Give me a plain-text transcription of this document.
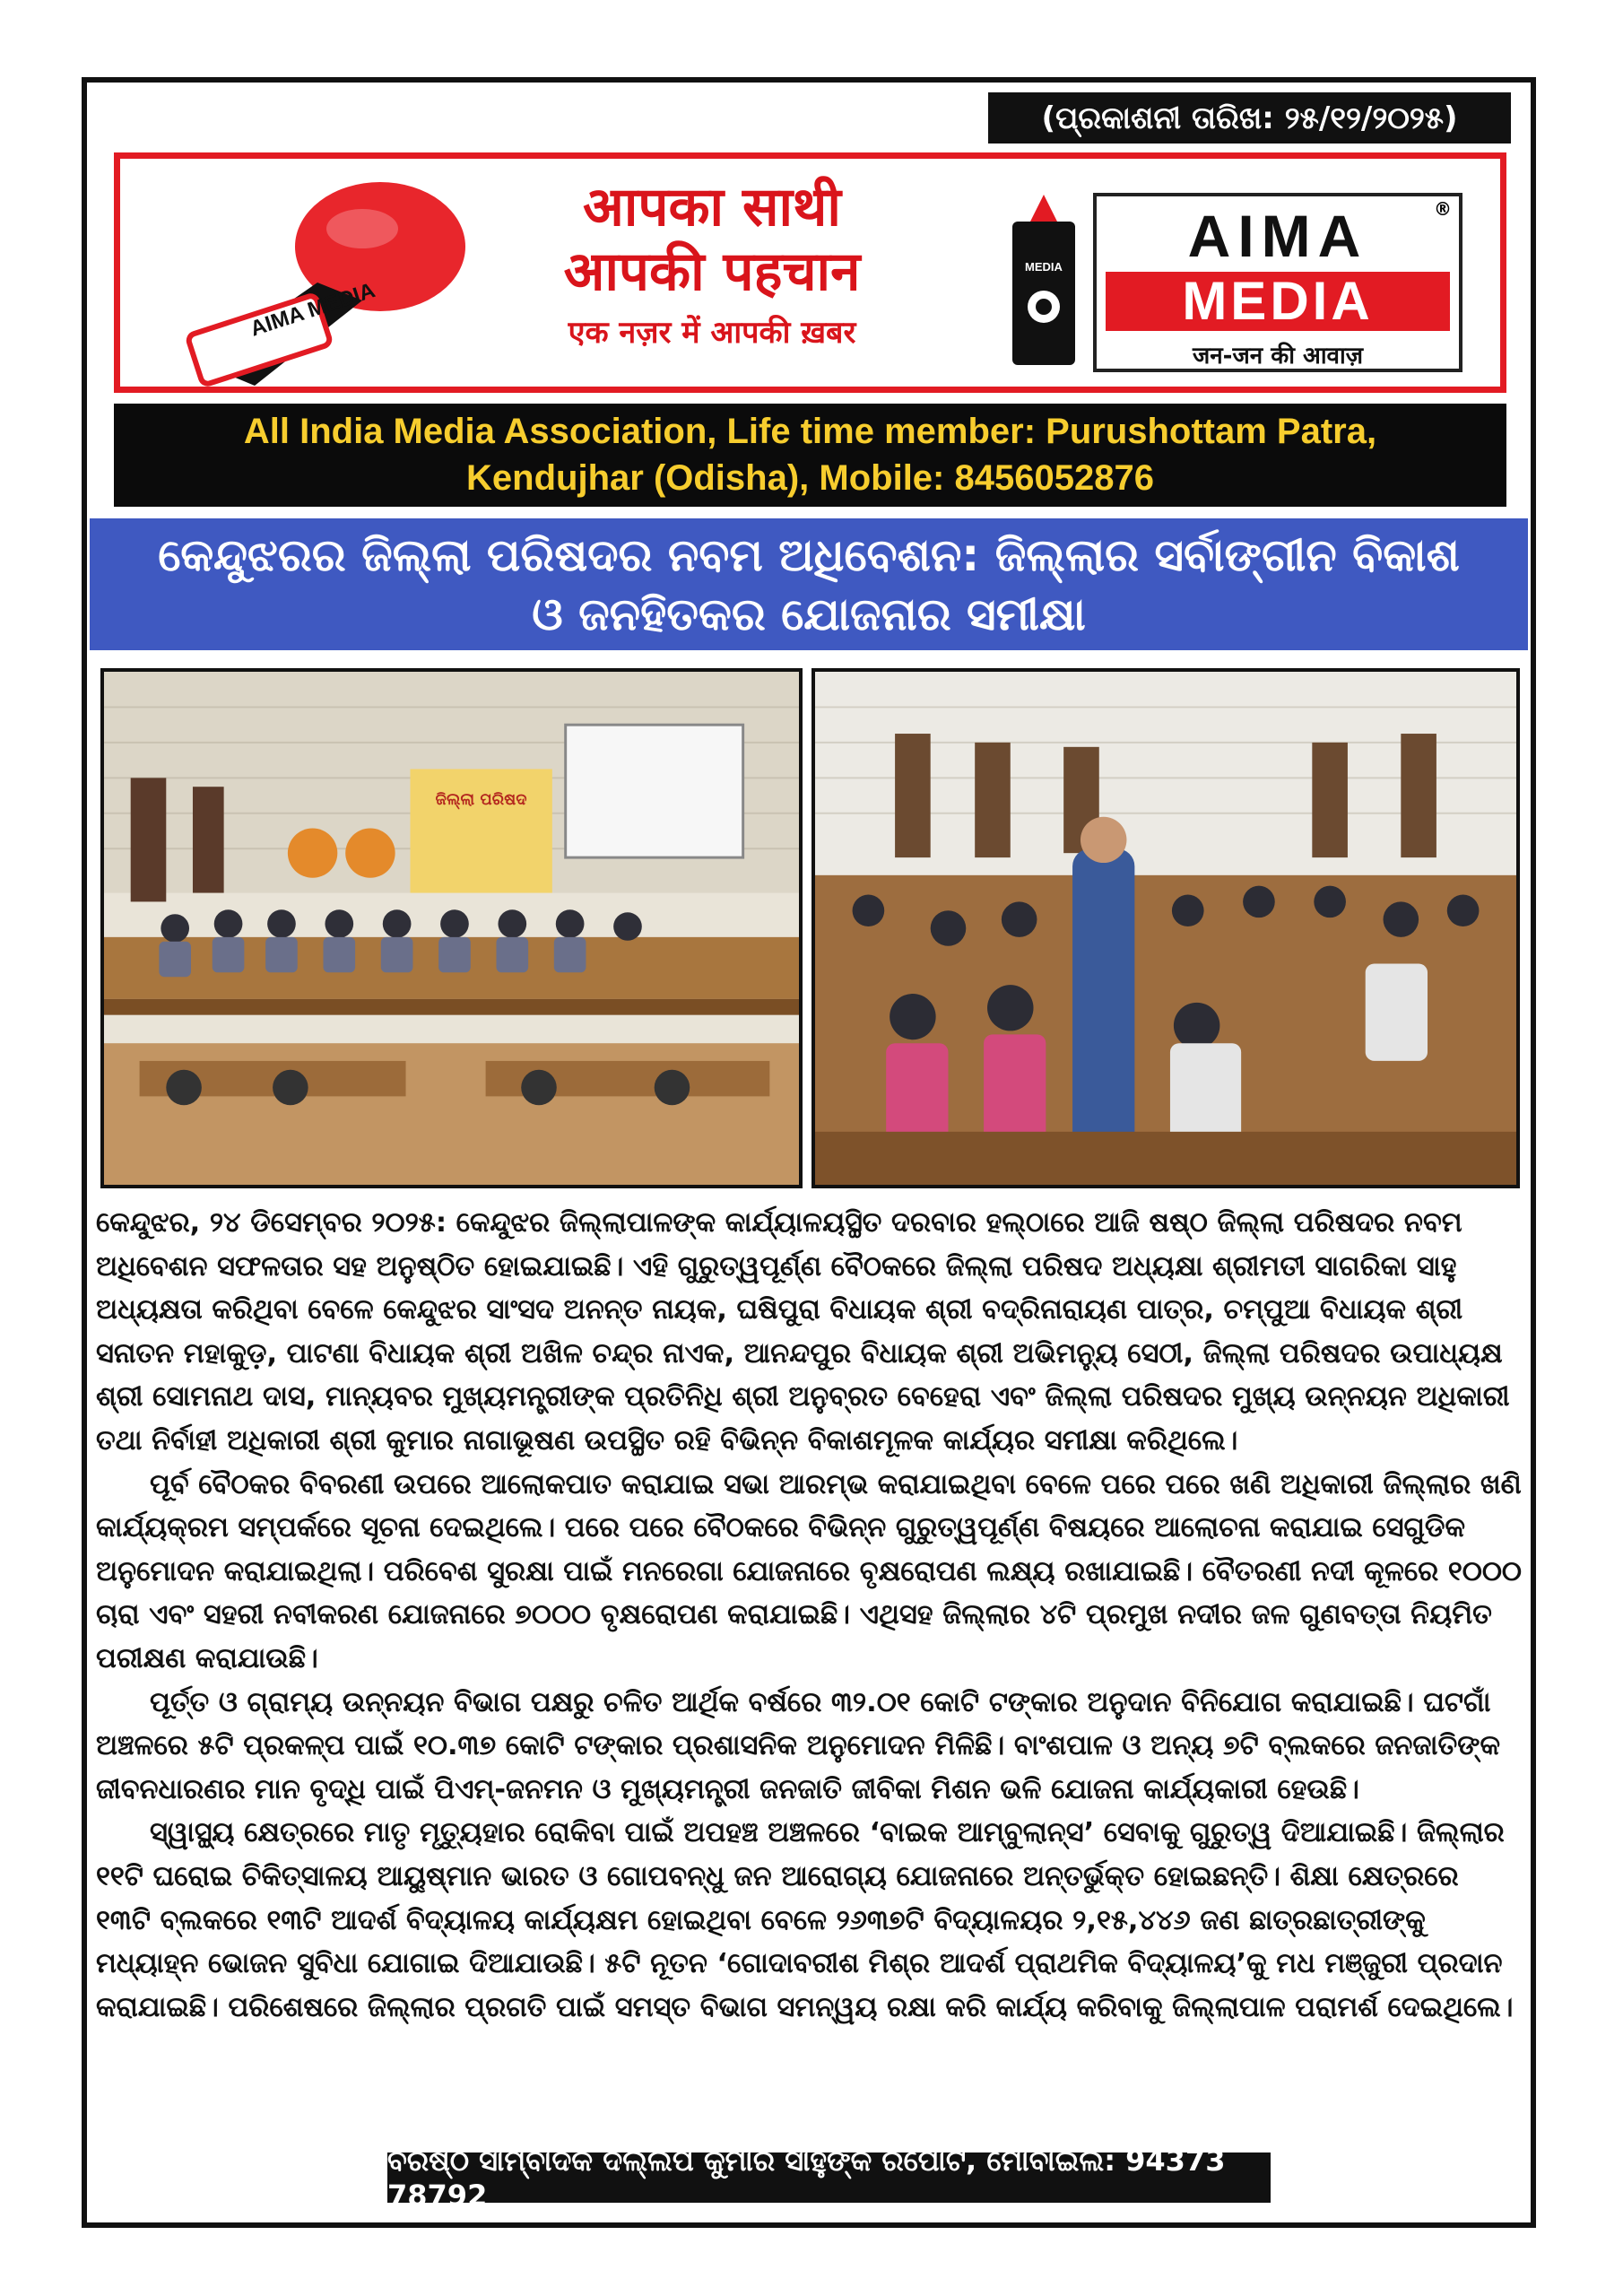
(ପ୍ରକାଶନୀ ତାରିଖ: ୨୫/୧୨/୨୦୨୫)
AIMA MEDIA
आपका साथी
आपकी पहचान
एक नज़र में आपकी ख़बर
MEDIA	AIMA	®
MEDIA
जन-जन की आवाज़
All India Media Association, Life time member: Purushottam Patra,
Kendujhar (Odisha), Mobile: 8456052876
କେନ୍ଦୁଝରର ଜିଲ୍ଲା ପରିଷଦର ନବମ ଅଧିବେଶନ: ଜିଲ୍ଲାର ସର୍ବାଙ୍ଗୀନ ବିକାଶ
ଓ ଜନହିତକର ଯୋଜନାର ସମୀକ୍ଷା
ଜିଲ୍ଲା ପରିଷଦ

କେନ୍ଦୁଝର, ୨୪ ଡିସେମ୍ବର ୨୦୨୫: କେନ୍ଦୁଝର ଜିଲ୍ଲାପାଳଙ୍କ କାର୍ଯ୍ୟାଳୟସ୍ଥିତ ଦରବାର ହଲ୍‌ଠାରେ ଆଜି ଷଷ୍ଠ ଜିଲ୍ଲା ପରିଷଦର ନବମ ଅଧିବେଶନ ସଫଳତାର ସହ ଅନୁଷ୍ଠିତ ହୋଇଯାଇଛି। ଏହି ଗୁରୁତ୍ୱପୂର୍ଣ୍ଣ ବୈଠକରେ ଜିଲ୍ଲା ପରିଷଦ ଅଧ୍ୟକ୍ଷା ଶ୍ରୀମତୀ ସାଗରିକା ସାହୁ ଅଧ୍ୟକ୍ଷତା କରିଥିବା ବେଳେ କେନ୍ଦୁଝର ସାଂସଦ ଅନନ୍ତ ନାୟକ, ଘଷିପୁରା ବିଧାୟକ ଶ୍ରୀ ବଦ୍ରିନାରାୟଣ ପାତ୍ର, ଚମ୍ପୁଆ ବିଧାୟକ ଶ୍ରୀ ସନାତନ ମହାକୁଡ଼, ପାଟଣା ବିଧାୟକ ଶ୍ରୀ ଅଖିଳ ଚନ୍ଦ୍ର ନାଏକ, ଆନନ୍ଦପୁର ବିଧାୟକ ଶ୍ରୀ ଅଭିମନ୍ୟୁ ସେଠୀ, ଜିଲ୍ଲା ପରିଷଦର ଉପାଧ୍ୟକ୍ଷ ଶ୍ରୀ ସୋମନାଥ ଦାସ, ମାନ୍ୟବର ମୁଖ୍ୟମନ୍ତ୍ରୀଙ୍କ ପ୍ରତିନିଧି ଶ୍ରୀ ଅନୁବ୍ରତ ବେହେରା ଏବଂ ଜିଲ୍ଲା ପରିଷଦର ମୁଖ୍ୟ ଉନ୍ନୟନ ଅଧିକାରୀ ତଥା ନିର୍ବାହୀ ଅଧିକାରୀ ଶ୍ରୀ କୁମାର ନାଗାଭୂଷଣ ଉପସ୍ଥିତ ରହି ବିଭିନ୍ନ ବିକାଶମୂଳକ କାର୍ଯ୍ୟର ସମୀକ୍ଷା କରିଥିଲେ।

ପୂର୍ବ ବୈଠକର ବିବରଣୀ ଉପରେ ଆଲୋକପାତ କରାଯାଇ ସଭା ଆରମ୍ଭ କରାଯାଇଥିବା ବେଳେ ପରେ ପରେ ଖଣି ଅଧିକାରୀ ଜିଲ୍ଲାର ଖଣି କାର୍ଯ୍ୟକ୍ରମ ସମ୍ପର୍କରେ ସୂଚନା ଦେଇଥିଲେ। ପରେ ପରେ ବୈଠକରେ ବିଭିନ୍ନ ଗୁରୁତ୍ୱପୂର୍ଣ୍ଣ ବିଷୟରେ ଆଲୋଚନା କରାଯାଇ ସେଗୁଡିକ ଅନୁମୋଦନ କରାଯାଇଥିଲା। ପରିବେଶ ସୁରକ୍ଷା ପାଇଁ ମନରେଗା ଯୋଜନାରେ ବୃକ୍ଷରୋପଣ ଲକ୍ଷ୍ୟ ରଖାଯାଇଛି। ବୈତରଣୀ ନଦୀ କୂଳରେ ୧୦୦୦ ଚାରା ଏବଂ ସହରୀ ନବୀକରଣ ଯୋଜନାରେ ୭୦୦୦ ବୃକ୍ଷରୋପଣ କରାଯାଇଛି। ଏଥିସହ ଜିଲ୍ଲାର ୪ଟି ପ୍ରମୁଖ ନଦୀର ଜଳ ଗୁଣବତ୍ତା ନିୟମିତ ପରୀକ୍ଷଣ କରାଯାଉଛି।

ପୂର୍ତ୍ତ ଓ ଗ୍ରାମ୍ୟ ଉନ୍ନୟନ ବିଭାଗ ପକ୍ଷରୁ ଚଳିତ ଆର୍ଥିକ ବର୍ଷରେ ୩୨.୦୧ କୋଟି ଟଙ୍କାର ଅନୁଦାନ ବିନିଯୋଗ କରାଯାଇଛି। ଘଟଗାଁ ଅଞ୍ଚଳରେ ୫ଟି ପ୍ରକଳ୍ପ ପାଇଁ ୧୦.୩୭ କୋଟି ଟଙ୍କାର ପ୍ରଶାସନିକ ଅନୁମୋଦନ ମିଳିଛି। ବାଂଶପାଳ ଓ ଅନ୍ୟ ୭ଟି ବ୍ଲକରେ ଜନଜାତିଙ୍କ ଜୀବନଧାରଣର ମାନ ବୃଦ୍ଧି ପାଇଁ ପିଏମ୍-ଜନମନ ଓ ମୁଖ୍ୟମନ୍ତ୍ରୀ ଜନଜାତି ଜୀବିକା ମିଶନ ଭଳି ଯୋଜନା କାର୍ଯ୍ୟକାରୀ ହେଉଛି।

ସ୍ୱାସ୍ଥ୍ୟ କ୍ଷେତ୍ରରେ ମାତୃ ମୃତ୍ୟୁହାର ରୋକିବା ପାଇଁ ଅପହଞ୍ଚ ଅଞ୍ଚଳରେ ‘ବାଇକ ଆମ୍ବୁଲାନ୍ସ’ ସେବାକୁ ଗୁରୁତ୍ୱ ଦିଆଯାଇଛି। ଜିଲ୍ଲାର ୧୧ଟି ଘରୋଇ ଚିକିତ୍ସାଳୟ ଆୟୁଷ୍ମାନ ଭାରତ ଓ ଗୋପବନ୍ଧୁ ଜନ ଆରୋଗ୍ୟ ଯୋଜନାରେ ଅନ୍ତର୍ଭୁକ୍ତ ହୋଇଛନ୍ତି। ଶିକ୍ଷା କ୍ଷେତ୍ରରେ ୧୩ଟି ବ୍ଲକରେ ୧୩ଟି ଆଦର୍ଶ ବିଦ୍ୟାଳୟ କାର୍ଯ୍ୟକ୍ଷମ ହୋଇଥିବା ବେଳେ ୨୬୩୭ଟି ବିଦ୍ୟାଳୟର ୨,୧୫,୪୪୬ ଜଣ ଛାତ୍ରଛାତ୍ରୀଙ୍କୁ ମଧ୍ୟାହ୍ନ ଭୋଜନ ସୁବିଧା ଯୋଗାଇ ଦିଆଯାଉଛି। ୫ଟି ନୂତନ ‘ଗୋଦାବରୀଶ ମିଶ୍ର ଆଦର୍ଶ ପ୍ରାଥମିକ ବିଦ୍ୟାଳୟ’କୁ ମଧ ମଞ୍ଜୁରୀ ପ୍ରଦାନ କରାଯାଇଛି। ପରିଶେଷରେ ଜିଲ୍ଲାର ପ୍ରଗତି ପାଇଁ ସମସ୍ତ ବିଭାଗ ସମନ୍ୱୟ ରକ୍ଷା କରି କାର୍ଯ୍ୟ କରିବାକୁ ଜିଲ୍ଲାପାଳ ପରାମର୍ଶ ଦେଇଥିଲେ।

ବରିଷ୍ଠ ସାମ୍ବାଦିକ ଦିଲ୍ଲିପ କୁମାର ସାହୁଙ୍କ ରିପୋର୍ଟ, ମୋବାଇଲ: 94373 78792
